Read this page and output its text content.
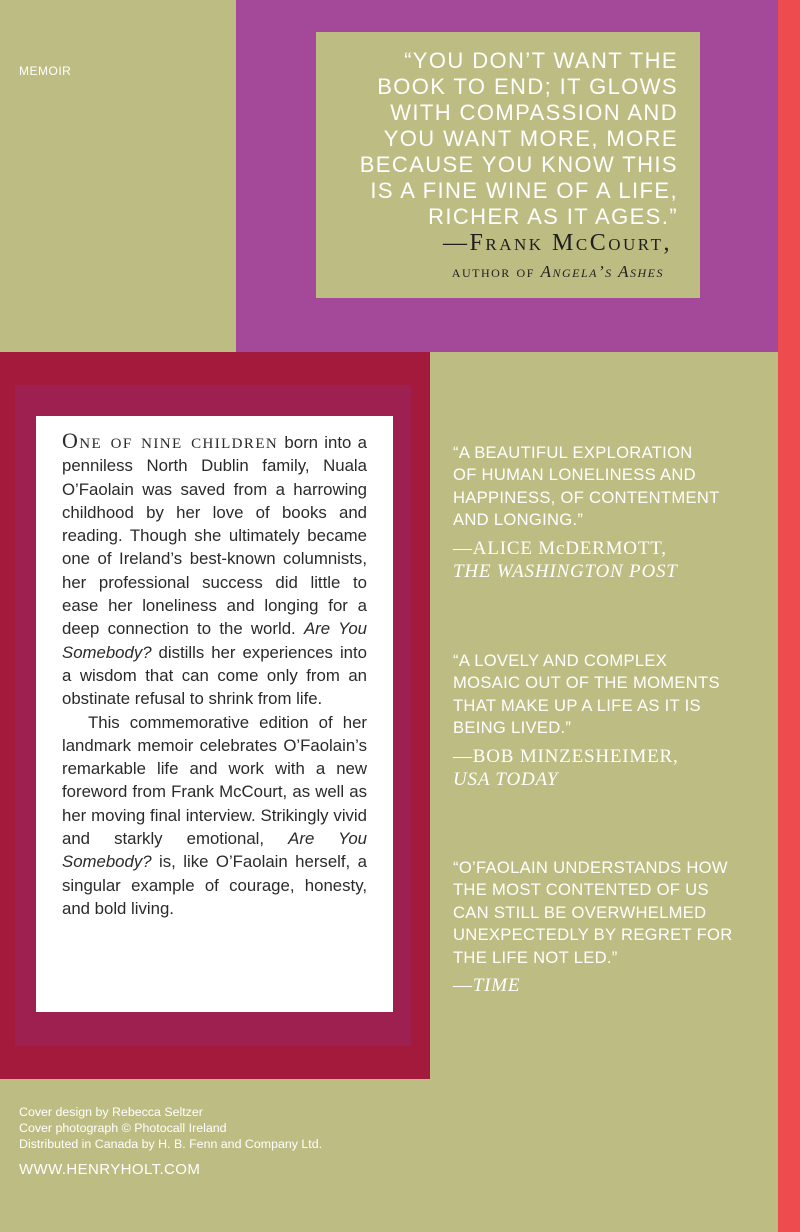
MEMOIR	“YOU DON’T WANT THE
BOOK TO END; IT GLOWS
WITH COMPASSION AND
YOU WANT MORE, MORE
BECAUSE YOU KNOW THIS
IS A FINE WINE OF A LIFE,
RICHER AS IT AGES.”
—Frank McCourt,
author of Angela’s Ashes

One of nine children born into a penniless North Dublin family, Nuala O’Faolain was saved from a harrowing childhood by her love of books and reading. Though she ultimately became one of Ireland’s best-known columnists, her professional success did little to ease her loneliness and longing for a deep connection to the world. Are You Somebody? distills her experiences into a wisdom that can come only from an obstinate refusal to shrink from life.

This commemorative edition of her landmark memoir celebrates O’Faolain’s remarkable life and work with a new foreword from Frank McCourt, as well as her moving final interview. Strikingly vivid and starkly emotional, Are You Somebody? is, like O’Faolain herself, a singular example of courage, honesty, and bold living.

“A BEAUTIFUL EXPLORATION
OF HUMAN LONELINESS AND
HAPPINESS, OF CONTENTMENT
AND LONGING.”
—ALICE McDERMOTT,
THE WASHINGTON POST
“A LOVELY AND COMPLEX
MOSAIC OUT OF THE MOMENTS
THAT MAKE UP A LIFE AS IT IS
BEING LIVED.”
—BOB MINZESHEIMER,
USA TODAY
“O’FAOLAIN UNDERSTANDS HOW
THE MOST CONTENTED OF US
CAN STILL BE OVERWHELMED
UNEXPECTEDLY BY REGRET FOR
THE LIFE NOT LED.”
—TIME
Cover design by Rebecca Seltzer
Cover photograph © Photocall Ireland
Distributed in Canada by H. B. Fenn and Company Ltd.
WWW.HENRYHOLT.COM
